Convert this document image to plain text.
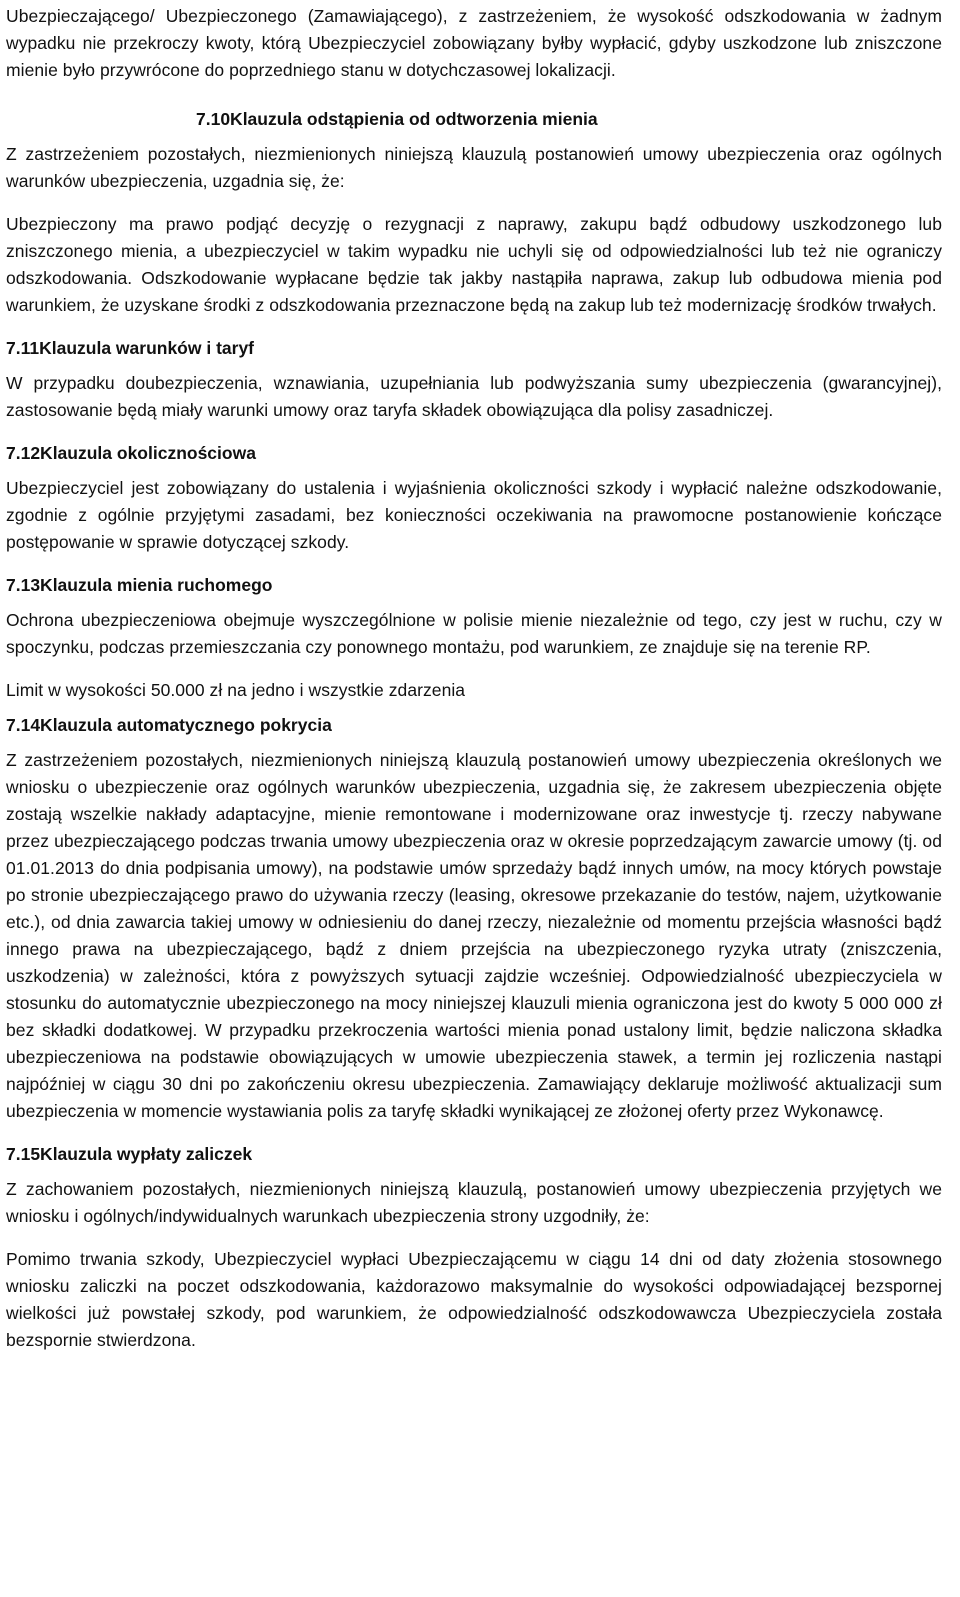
Ubezpieczającego/ Ubezpieczonego (Zamawiającego), z zastrzeżeniem, że wysokość odszkodowania w żadnym wypadku nie przekroczy kwoty, którą Ubezpieczyciel zobowiązany byłby wypłacić, gdyby uszkodzone lub zniszczone mienie było przywrócone do poprzedniego stanu w dotychczasowej lokalizacji.

7.10Klauzula odstąpienia od odtworzenia mienia

Z zastrzeżeniem pozostałych, niezmienionych niniejszą klauzulą postanowień umowy ubezpieczenia oraz ogólnych warunków ubezpieczenia, uzgadnia się, że:

Ubezpieczony ma prawo podjąć decyzję o rezygnacji z naprawy, zakupu bądź odbudowy uszkodzonego lub zniszczonego mienia, a ubezpieczyciel w takim wypadku nie uchyli się od odpowiedzialności lub też nie ograniczy odszkodowania. Odszkodowanie wypłacane będzie tak jakby nastąpiła naprawa, zakup lub odbudowa mienia pod warunkiem, że uzyskane środki z odszkodowania przeznaczone będą na zakup lub też modernizację środków trwałych.

7.11Klauzula warunków i taryf

W przypadku doubezpieczenia, wznawiania, uzupełniania lub podwyższania sumy ubezpieczenia (gwarancyjnej), zastosowanie będą miały warunki umowy oraz taryfa składek obowiązująca dla polisy zasadniczej.

7.12Klauzula okolicznościowa

Ubezpieczyciel jest zobowiązany do ustalenia i wyjaśnienia okoliczności szkody i wypłacić należne odszkodowanie, zgodnie z ogólnie przyjętymi zasadami, bez konieczności oczekiwania na prawomocne postanowienie kończące postępowanie w sprawie dotyczącej szkody.

7.13Klauzula mienia ruchomego

Ochrona ubezpieczeniowa obejmuje wyszczególnione w polisie mienie niezależnie od tego, czy jest w ruchu, czy w spoczynku, podczas przemieszczania czy ponownego montażu, pod warunkiem, ze znajduje się na terenie RP.

Limit w wysokości 50.000 zł na jedno i wszystkie zdarzenia

7.14Klauzula automatycznego pokrycia

Z zastrzeżeniem pozostałych, niezmienionych niniejszą klauzulą postanowień umowy ubezpieczenia określonych we wniosku o ubezpieczenie oraz ogólnych warunków ubezpieczenia, uzgadnia się, że zakresem ubezpieczenia objęte zostają wszelkie nakłady adaptacyjne, mienie remontowane i modernizowane oraz inwestycje tj. rzeczy nabywane przez ubezpieczającego podczas trwania umowy ubezpieczenia oraz w okresie poprzedzającym zawarcie umowy (tj. od 01.01.2013 do dnia podpisania umowy), na podstawie umów sprzedaży bądź innych umów, na mocy których powstaje po stronie ubezpieczającego prawo do używania rzeczy (leasing, okresowe przekazanie do testów, najem, użytkowanie etc.), od dnia zawarcia takiej umowy w odniesieniu do danej rzeczy, niezależnie od momentu przejścia własności bądź innego prawa na ubezpieczającego, bądź z dniem przejścia na ubezpieczonego ryzyka utraty (zniszczenia, uszkodzenia) w zależności, która z powyższych sytuacji zajdzie wcześniej. Odpowiedzialność ubezpieczyciela w stosunku do automatycznie ubezpieczonego na mocy niniejszej klauzuli mienia ograniczona jest do kwoty 5 000 000 zł bez składki dodatkowej. W przypadku przekroczenia wartości mienia ponad ustalony limit, będzie naliczona składka ubezpieczeniowa na podstawie obowiązujących w umowie ubezpieczenia stawek, a termin jej rozliczenia nastąpi najpóźniej w ciągu 30 dni po zakończeniu okresu ubezpieczenia. Zamawiający deklaruje możliwość aktualizacji sum ubezpieczenia w momencie wystawiania polis za taryfę składki wynikającej ze złożonej oferty przez Wykonawcę.

7.15Klauzula wypłaty zaliczek

Z zachowaniem pozostałych, niezmienionych niniejszą klauzulą, postanowień umowy ubezpieczenia przyjętych we wniosku i ogólnych/indywidualnych warunkach ubezpieczenia strony uzgodniły, że:

Pomimo trwania szkody, Ubezpieczyciel wypłaci Ubezpieczającemu w ciągu 14 dni od daty złożenia stosownego wniosku zaliczki na poczet odszkodowania, każdorazowo maksymalnie do wysokości odpowiadającej bezspornej wielkości już powstałej szkody, pod warunkiem, że odpowiedzialność odszkodowawcza Ubezpieczyciela została bezspornie stwierdzona.
